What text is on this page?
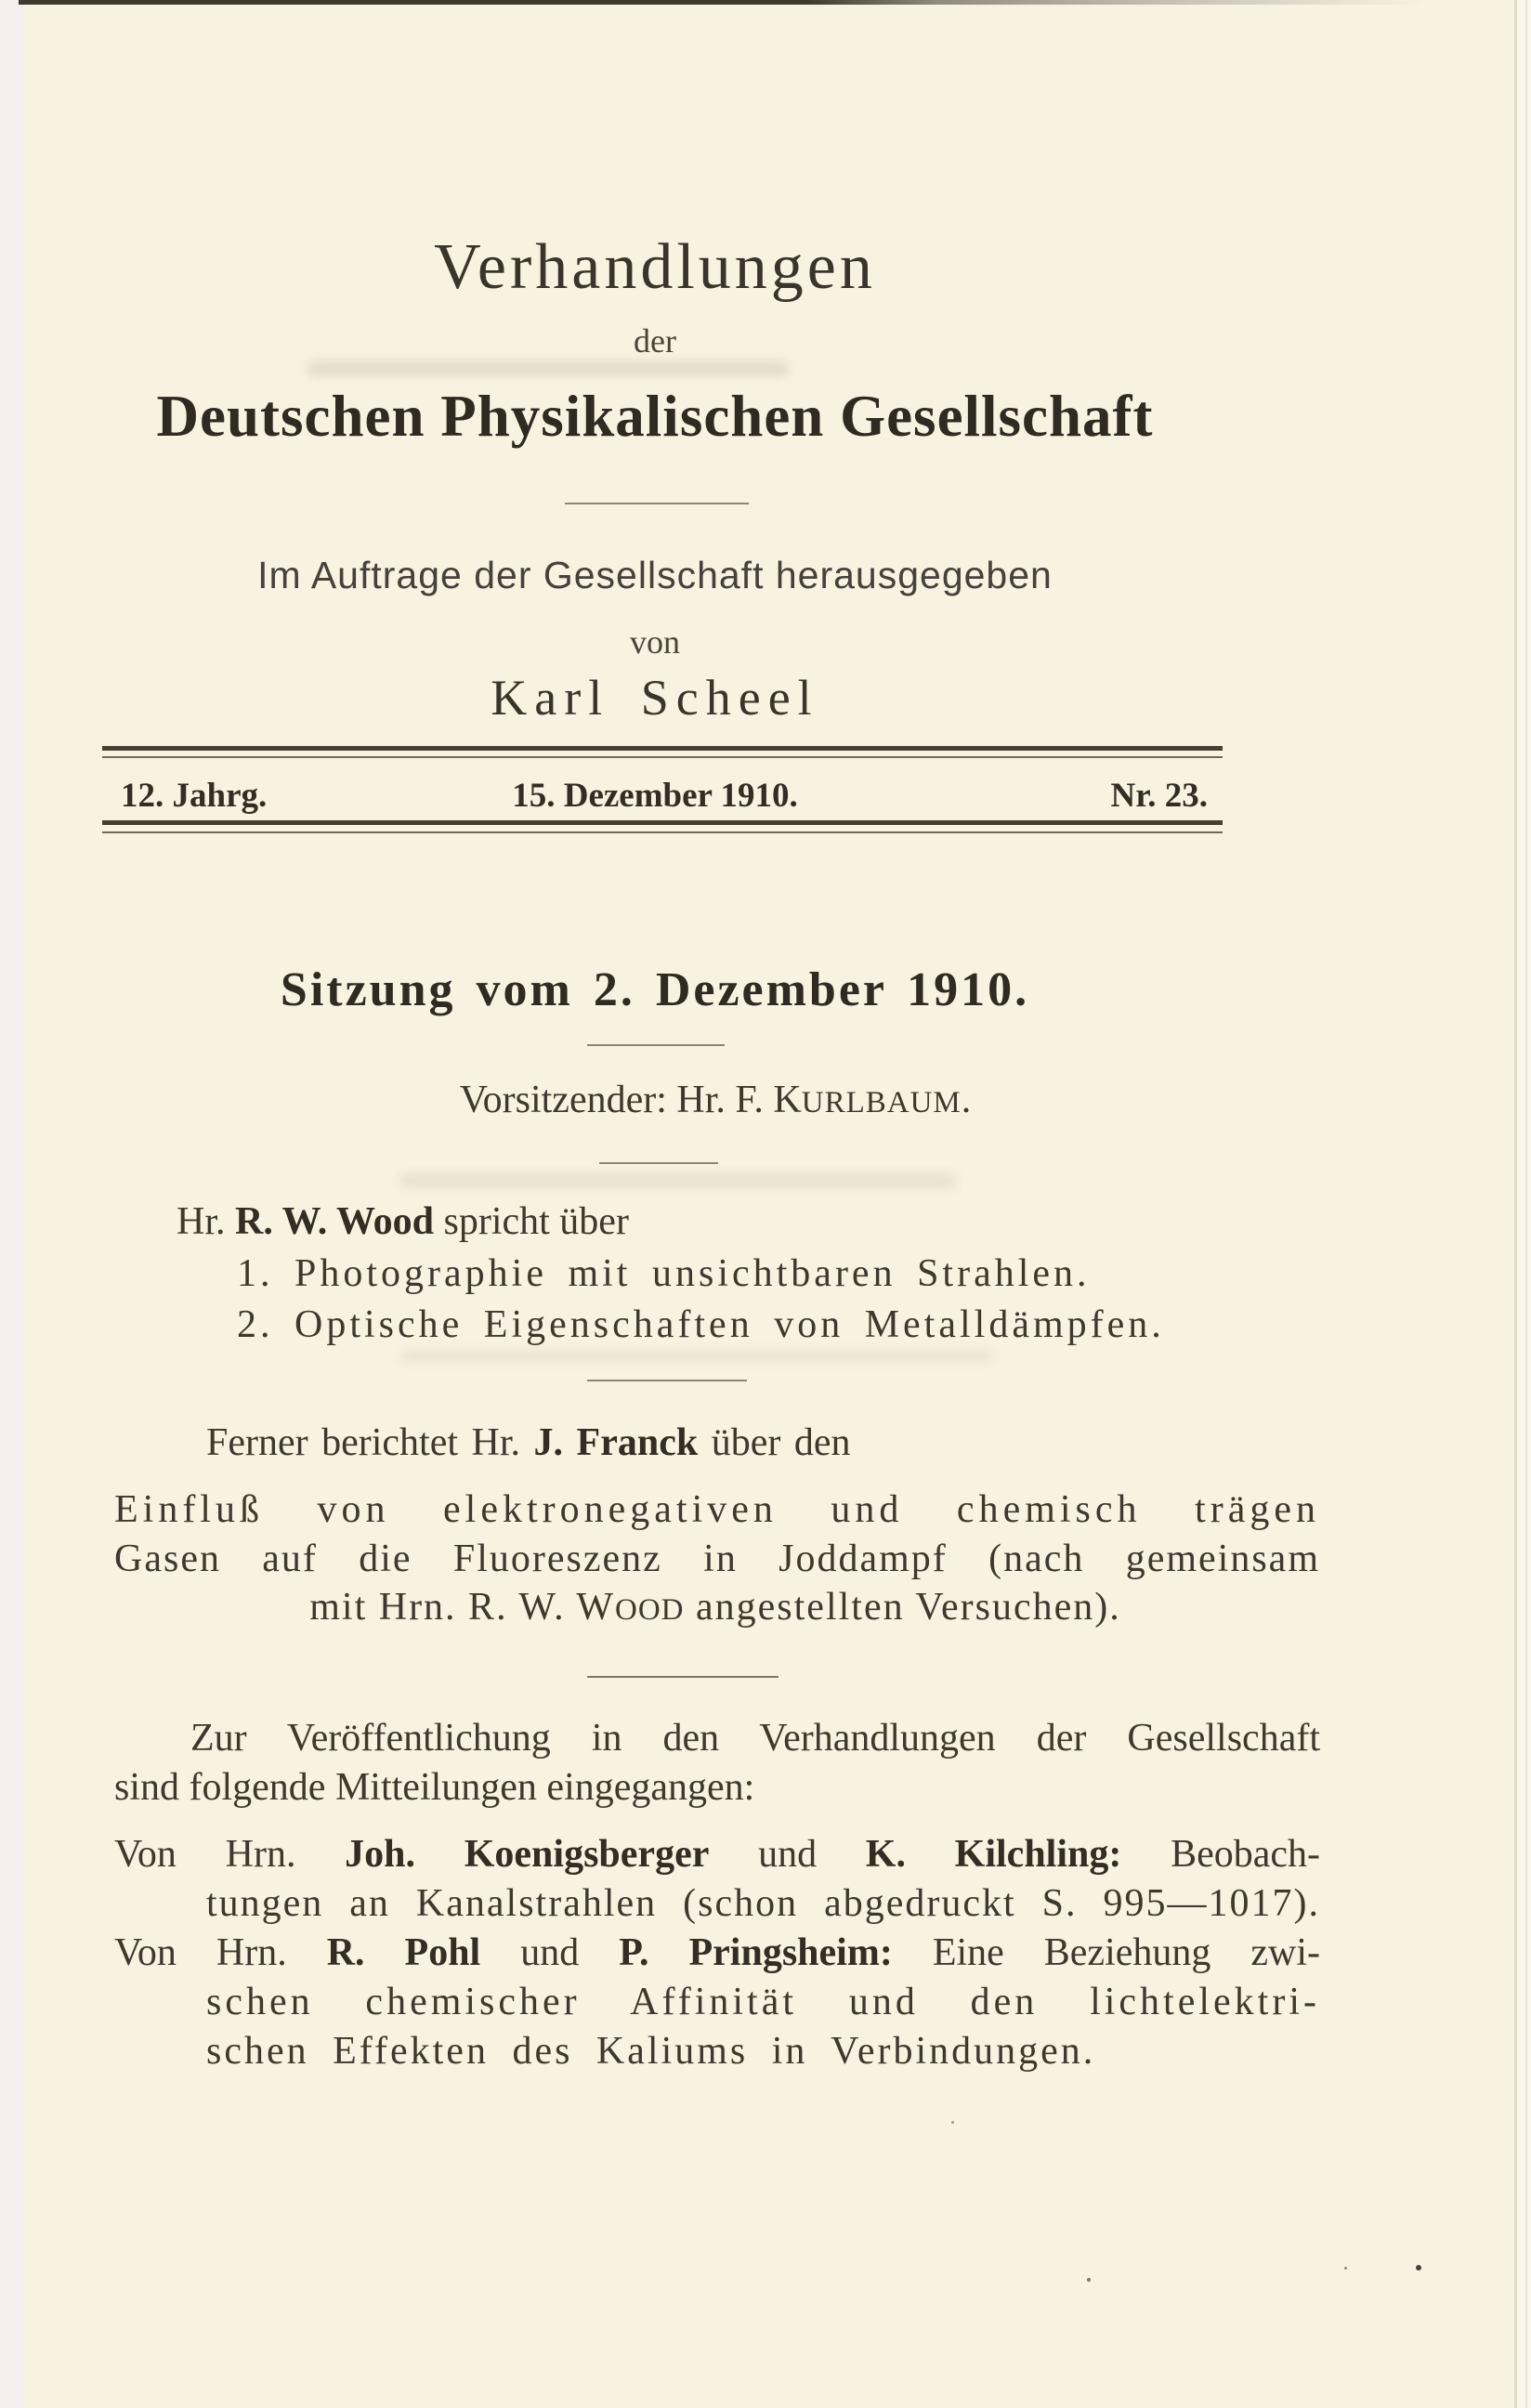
Verhandlungen
der
Deutschen Physikalischen Gesellschaft
Im Auftrage der Gesellschaft herausgegeben
von
Karl Scheel
12. Jahrg.	15. Dezember 1910.	Nr. 23.
Sitzung vom 2. Dezember 1910.
Vorsitzender: Hr. F. KURLBAUM.
Hr. R. W. Wood spricht über
1. Photographie mit unsichtbaren Strahlen.
2. Optische Eigenschaften von Metalldämpfen.
Ferner berichtet Hr. J. Franck über den
Einfluß von elektronegativen und chemisch trägen
Gasen auf die Fluoreszenz in Joddampf (nach gemeinsam
mit Hrn. R. W. WOOD angestellten Versuchen).
Zur Veröffentlichung in den Verhandlungen der Gesellschaft
sind folgende Mitteilungen eingegangen:
Von Hrn. Joh. Koenigsberger und K. Kilchling: Beobach-
tungen an Kanalstrahlen (schon abgedruckt S. 995—1017).
Von Hrn. R. Pohl und P. Pringsheim: Eine Beziehung zwi-
schen chemischer Affinität und den lichtelektri-
schen Effekten des Kaliums in Verbindungen.
